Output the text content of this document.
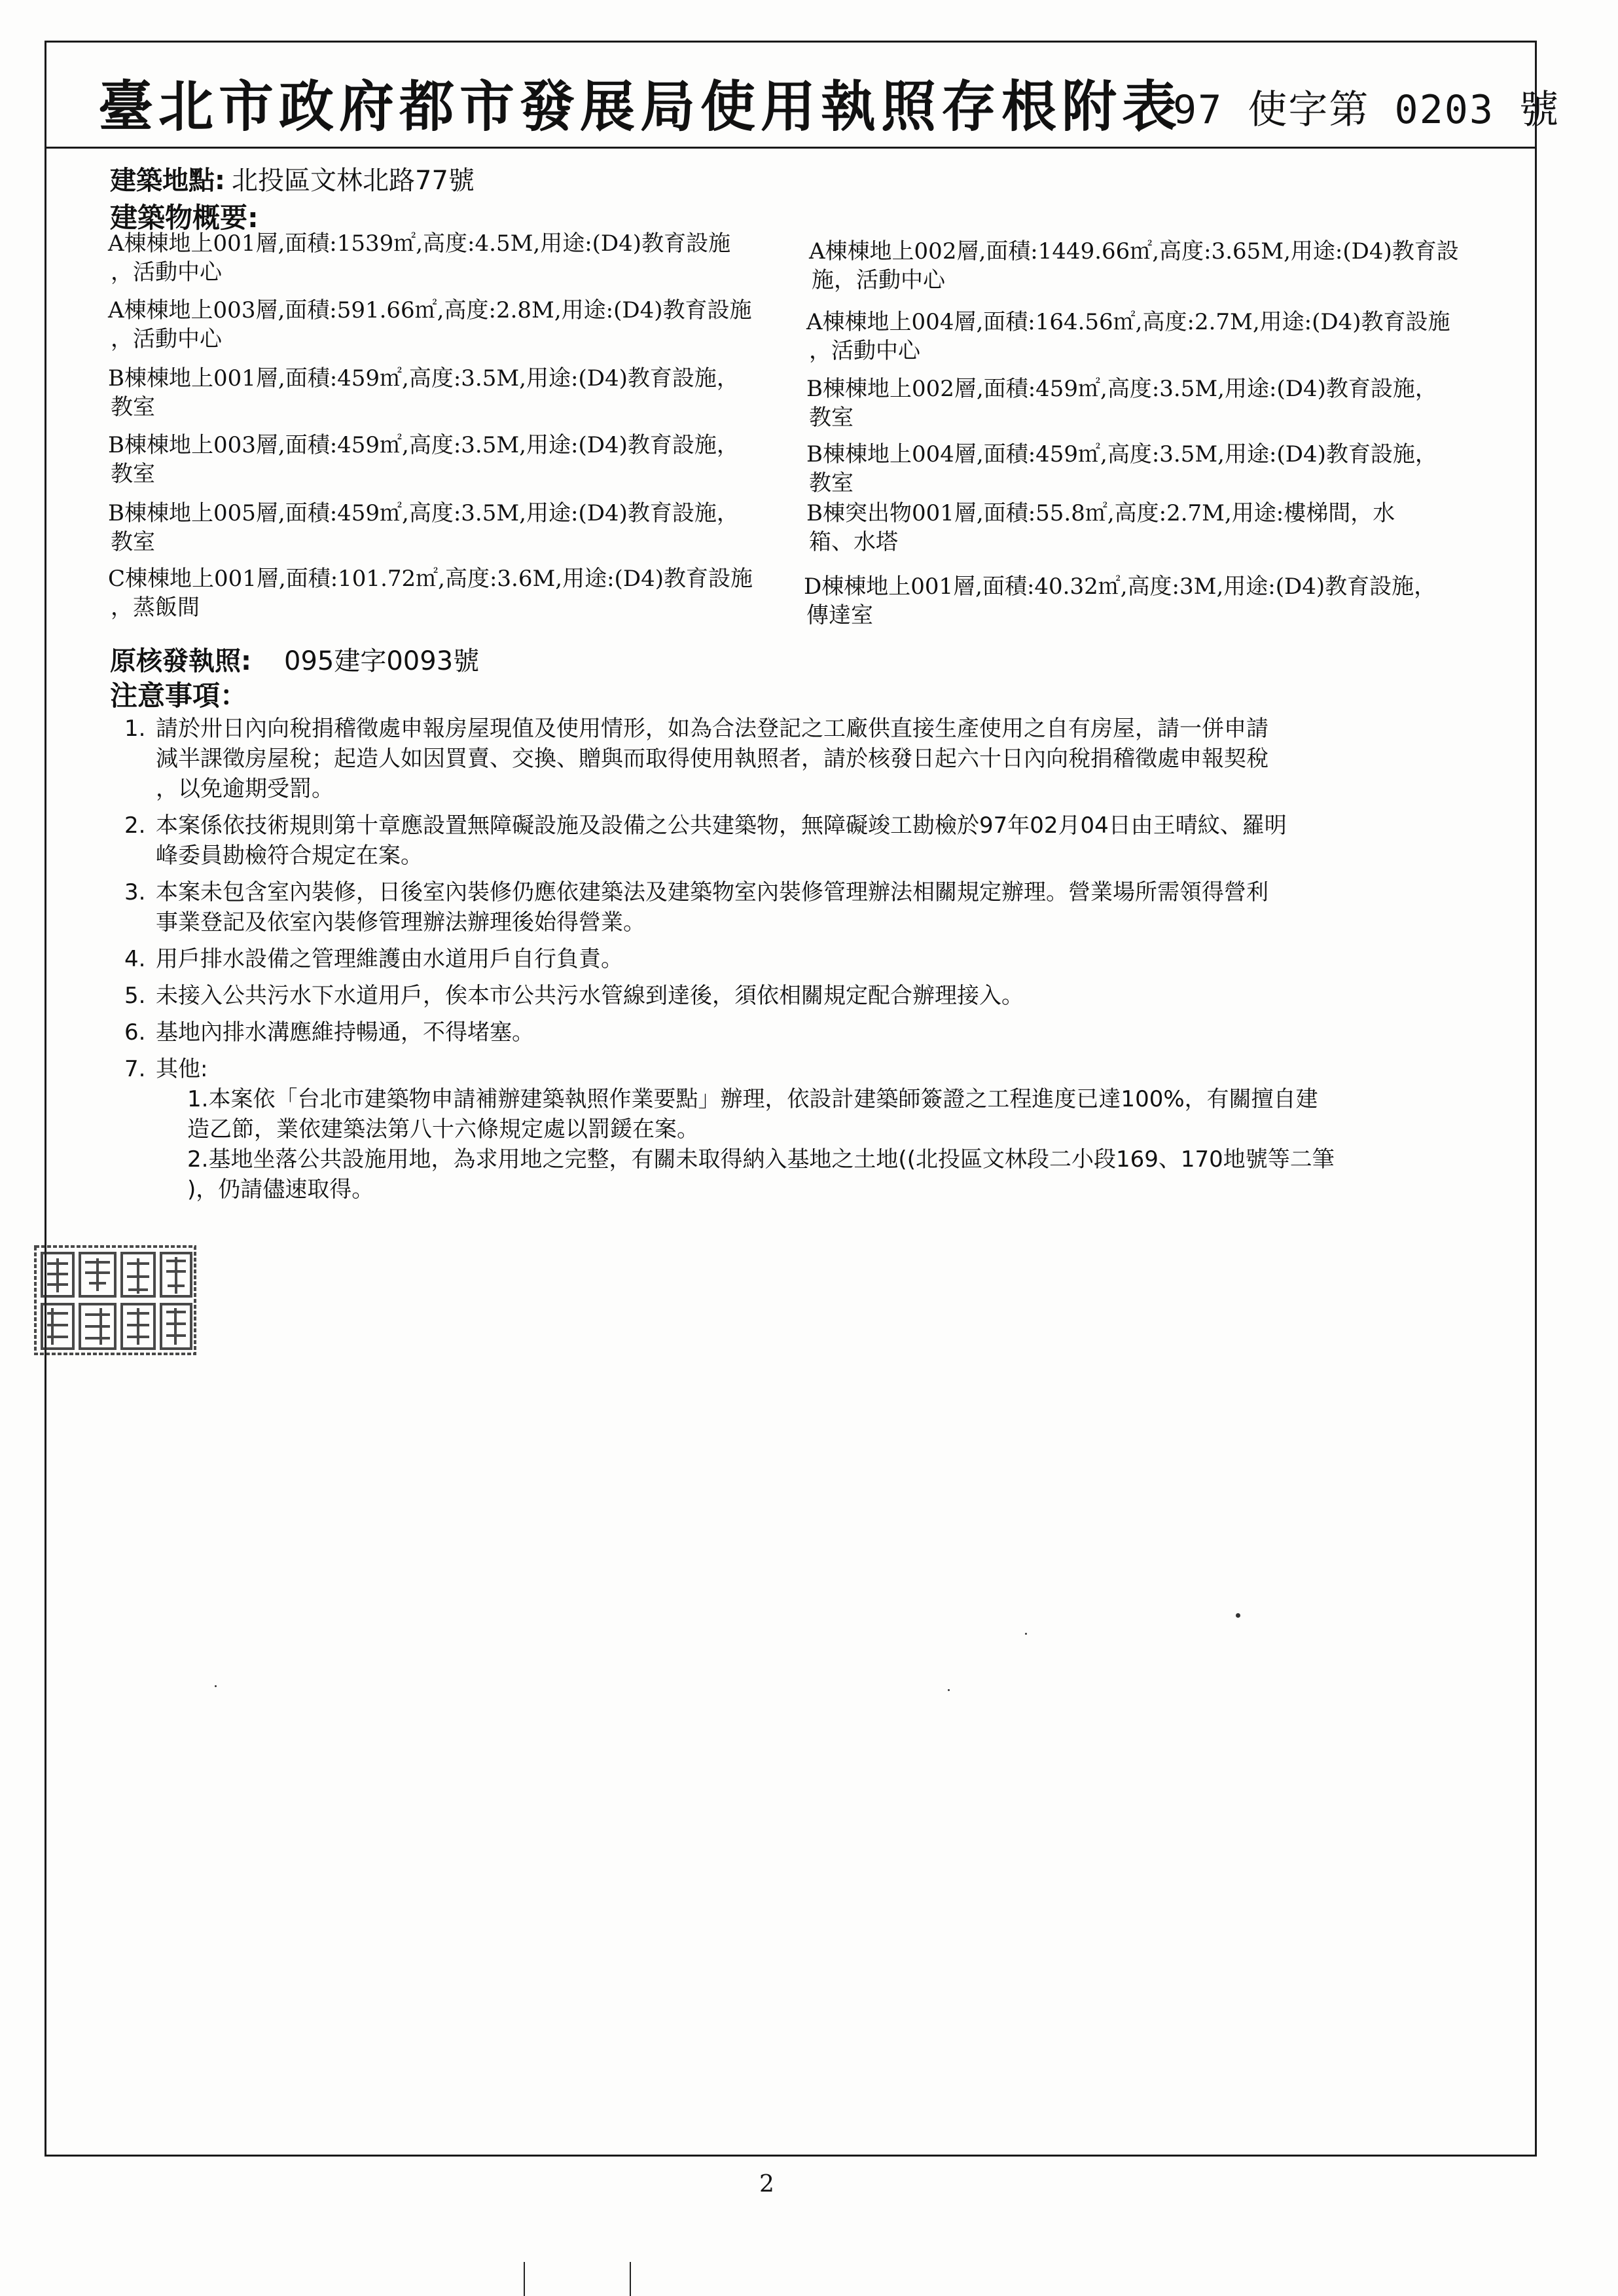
臺北市政府都市發展局使用執照存根附表
97 使字第 0203 號
建築地點: 北投區文林北路77號
建築物概要:
A棟棟地上001層,面積:1539㎡,高度:4.5M,用途:(D4)教育設施
，活動中心
A棟棟地上002層,面積:1449.66㎡,高度:3.65M,用途:(D4)教育設
施，活動中心
A棟棟地上003層,面積:591.66㎡,高度:2.8M,用途:(D4)教育設施
，活動中心
A棟棟地上004層,面積:164.56㎡,高度:2.7M,用途:(D4)教育設施
，活動中心
B棟棟地上001層,面積:459㎡,高度:3.5M,用途:(D4)教育設施，
教室
B棟棟地上002層,面積:459㎡,高度:3.5M,用途:(D4)教育設施，
教室
B棟棟地上003層,面積:459㎡,高度:3.5M,用途:(D4)教育設施，
教室
B棟棟地上004層,面積:459㎡,高度:3.5M,用途:(D4)教育設施，
教室
B棟棟地上005層,面積:459㎡,高度:3.5M,用途:(D4)教育設施，
教室
B棟突出物001層,面積:55.8㎡,高度:2.7M,用途:樓梯間，水
箱、水塔
C棟棟地上001層,面積:101.72㎡,高度:3.6M,用途:(D4)教育設施
，蒸飯間
D棟棟地上001層,面積:40.32㎡,高度:3M,用途:(D4)教育設施，
傳達室
原核發執照: 095建字0093號
注意事項：
1. 請於卅日內向稅捐稽徵處申報房屋現值及使用情形，如為合法登記之工廠供直接生產使用之自有房屋，請一併申請
減半課徵房屋稅；起造人如因買賣、交換、贈與而取得使用執照者，請於核發日起六十日內向稅捐稽徵處申報契稅
，以免逾期受罰。
2. 本案係依技術規則第十章應設置無障礙設施及設備之公共建築物，無障礙竣工勘檢於97年02月04日由王晴紋、羅明
峰委員勘檢符合規定在案。
3. 本案未包含室內裝修，日後室內裝修仍應依建築法及建築物室內裝修管理辦法相關規定辦理。營業場所需領得營利
事業登記及依室內裝修管理辦法辦理後始得營業。
4. 用戶排水設備之管理維護由水道用戶自行負責。
5. 未接入公共污水下水道用戶，俟本市公共污水管線到達後，須依相關規定配合辦理接入。
6. 基地內排水溝應維持暢通，不得堵塞。
7. 其他:
1.本案依「台北市建築物申請補辦建築執照作業要點」辦理，依設計建築師簽證之工程進度已達100%，有關擅自建
造乙節，業依建築法第八十六條規定處以罰鍰在案。
2.基地坐落公共設施用地，為求用地之完整，有關未取得納入基地之土地((北投區文林段二小段169、170地號等二筆
)，仍請儘速取得。
2
